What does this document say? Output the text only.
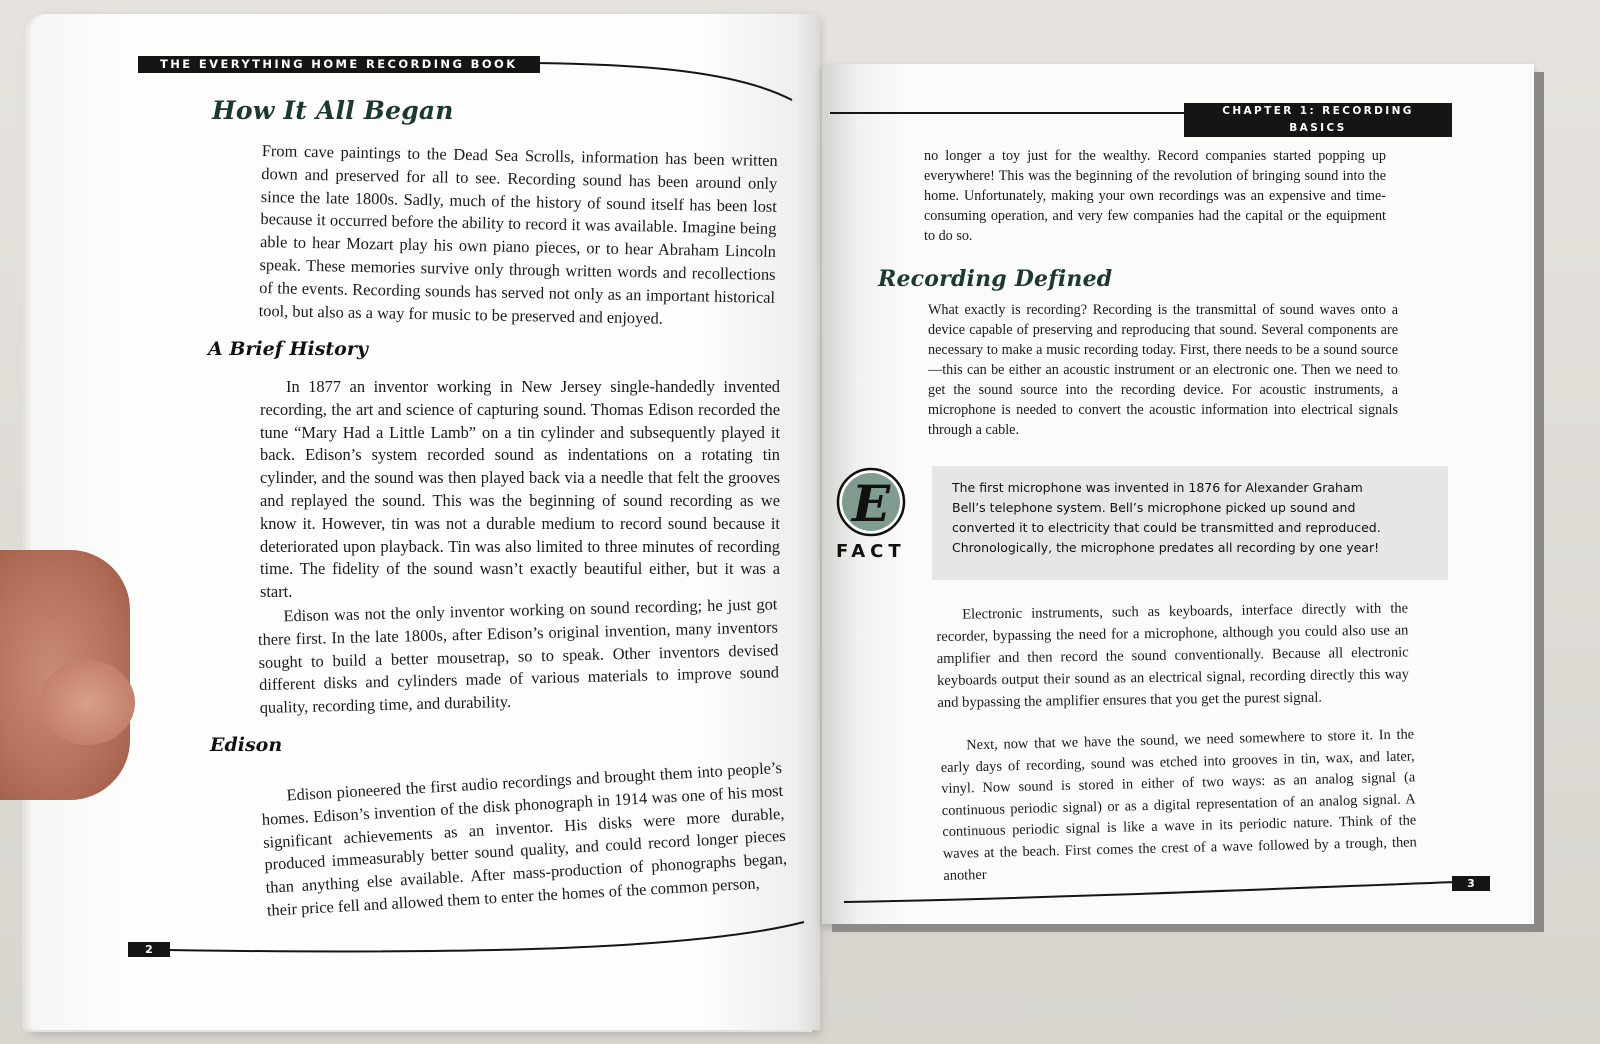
THE EVERYTHING HOME RECORDING BOOK
How It All Began

From cave paintings to the Dead Sea Scrolls, information has been written down and preserved for all to see. Recording sound has been around only since the late 1800s. Sadly, much of the history of sound itself has been lost because it occurred before the ability to record it was available. Imagine being able to hear Mozart play his own piano pieces, or to hear Abraham Lincoln speak. These memories survive only through written words and recollections of the events. Recording sounds has served not only as an important historical tool, but also as a way for music to be preserved and enjoyed.

A Brief History

In 1877 an inventor working in New Jersey single-handedly invented recording, the art and science of capturing sound. Thomas Edison recorded the tune “Mary Had a Little Lamb” on a tin cylinder and subsequently played it back. Edison’s system recorded sound as indentations on a rotating tin cylinder, and the sound was then played back via a needle that felt the grooves and replayed the sound. This was the beginning of sound recording as we know it. However, tin was not a durable medium to record sound because it deteriorated upon playback. Tin was also limited to three minutes of recording time. The fidelity of the sound wasn’t exactly beautiful either, but it was a start.

Edison was not the only inventor working on sound recording; he just got there first. In the late 1800s, after Edison’s original invention, many inventors sought to build a better mousetrap, so to speak. Other inventors devised different disks and cylinders made of various materials to improve sound quality, recording time, and durability.

Edison

Edison pioneered the first audio recordings and brought them into people’s homes. Edison’s invention of the disk phonograph in 1914 was one of his most significant achievements as an inventor. His disks were more durable, produced immeasurably better sound quality, and could record longer pieces than anything else available. After mass-production of phonographs began, their price fell and allowed them to enter the homes of the common person,

2
CHAPTER 1: RECORDING BASICS

no longer a toy just for the wealthy. Record companies started popping up everywhere! This was the beginning of the revolution of bringing sound into the home. Unfortunately, making your own recordings was an expensive and time-consuming operation, and very few companies had the capital or the equipment to do so.

Recording Defined

What exactly is recording? Recording is the transmittal of sound waves onto a device capable of preserving and reproducing that sound. Several components are necessary to make a music recording today. First, there needs to be a sound source—this can be either an acoustic instrument or an electronic one. Then we need to get the sound source into the recording device. For acoustic instruments, a microphone is needed to convert the acoustic information into electrical signals through a cable.

E
FACT

The first microphone was invented in 1876 for Alexander Graham Bell’s telephone system. Bell’s microphone picked up sound and converted it to electricity that could be transmitted and reproduced. Chronologically, the microphone predates all recording by one year!

Electronic instruments, such as keyboards, interface directly with the recorder, bypassing the need for a microphone, although you could also use an amplifier and then record the sound conventionally. Because all electronic keyboards output their sound as an electrical signal, recording directly this way and bypassing the amplifier ensures that you get the purest signal.

Next, now that we have the sound, we need somewhere to store it. In the early days of recording, sound was etched into grooves in tin, wax, and later, vinyl. Now sound is stored in either of two ways: as an analog signal (a continuous periodic signal) or as a digital representation of an analog signal. A continuous periodic signal is like a wave in its periodic nature. Think of the waves at the beach. First comes the crest of a wave followed by a trough, then another	3
